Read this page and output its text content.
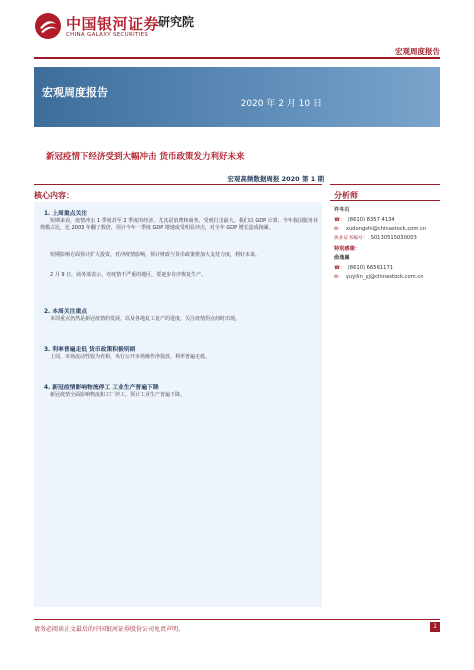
中国银河证券
CHINA GALAXY SECURITIES
研究院
宏观周度报告
宏观周度报告
2020 年 2 月 10 日
新冠疫情下经济受到大幅冲击 货币政策发力利好未来
宏观高频数据周报 2020 第 1 期
核心内容：	分析师
1. 上周重点关注
短期来看，疫情冲击 1 季度甚至 2 季度的经济，尤其是消费和商务，受到打击最大。我们以 GDP 计算，今年我国服务业规模占比，比 2003 年翻了数倍，预计今年一季度 GDP 增速或受明显冲击，对全年 GDP 增长造成拖累。
短期影响方面预计扩大投资、对冲疫情影响，预计财政与货币政策将加大支持力度，利好未来。
2 月 9 日，商务部表示，对疫情不严重的地区，要逐步有序恢复生产。
2. 本周关注重点
本周重点仍然是新冠疫情的发展，以及各地复工复产的进度，关注疫情拐点何时出现。
3. 利率普遍走低 货币政策积极明朗
上周，市场流动性较为充裕，央行公开市场操作净投放，利率普遍走低。
4. 新冠疫情影响物流停工 工业生产普遍下降
新冠疫情全面影响物流和工厂停工，预计工业生产普遍下降。
许冬石
☎： (8610) 8357 4134
✉： xudongshi@chinastock.com.cn
执业证书编号： S0130515030003
特别感谢：
俞逸嵩
☎： (8610) 66561171
✉： yuyilin_yj@chinastock.com.cn
请务必阅读正文最后的中国银河证券股份公司免责声明。	1
